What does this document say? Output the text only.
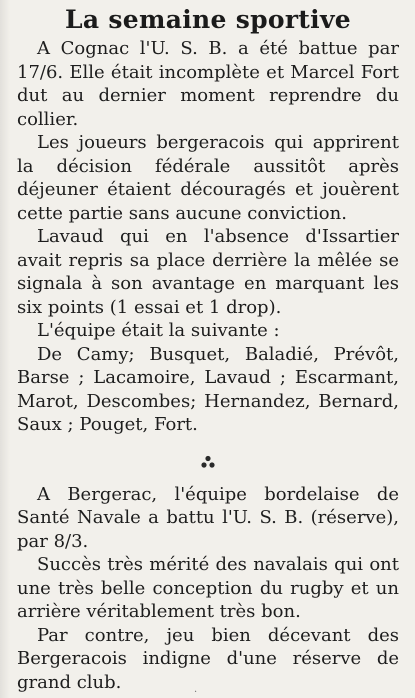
La semaine sportive

A Cognac l'U. S. B. a été battue par 17/6. Elle était incomplète et Marcel Fort dut au dernier moment reprendre du collier.

Les joueurs bergeracois qui apprirent la décision fédérale aussitôt après déjeuner étaient découragés et jouèrent cette partie sans aucune conviction.

Lavaud qui en l'absence d'Issartier avait repris sa place derrière la mêlée se signala à son avantage en marquant les six points (1 essai et 1 drop).

L'équipe était la suivante :

De Camy; Busquet, Baladié, Prévôt, Barse ; Lacamoire, Lavaud ; Escarmant, Marot, Descombes; Hernandez, Bernard, Saux ; Pouget, Fort.

A Bergerac, l'équipe bordelaise de Santé Navale a battu l'U. S. B. (réserve), par 8/3.

Succès très mérité des navalais qui ont une très belle conception du rugby et un arrière véritablement très bon.

Par contre, jeu bien décevant des Bergeracois indigne d'une réserve de grand club.	·
